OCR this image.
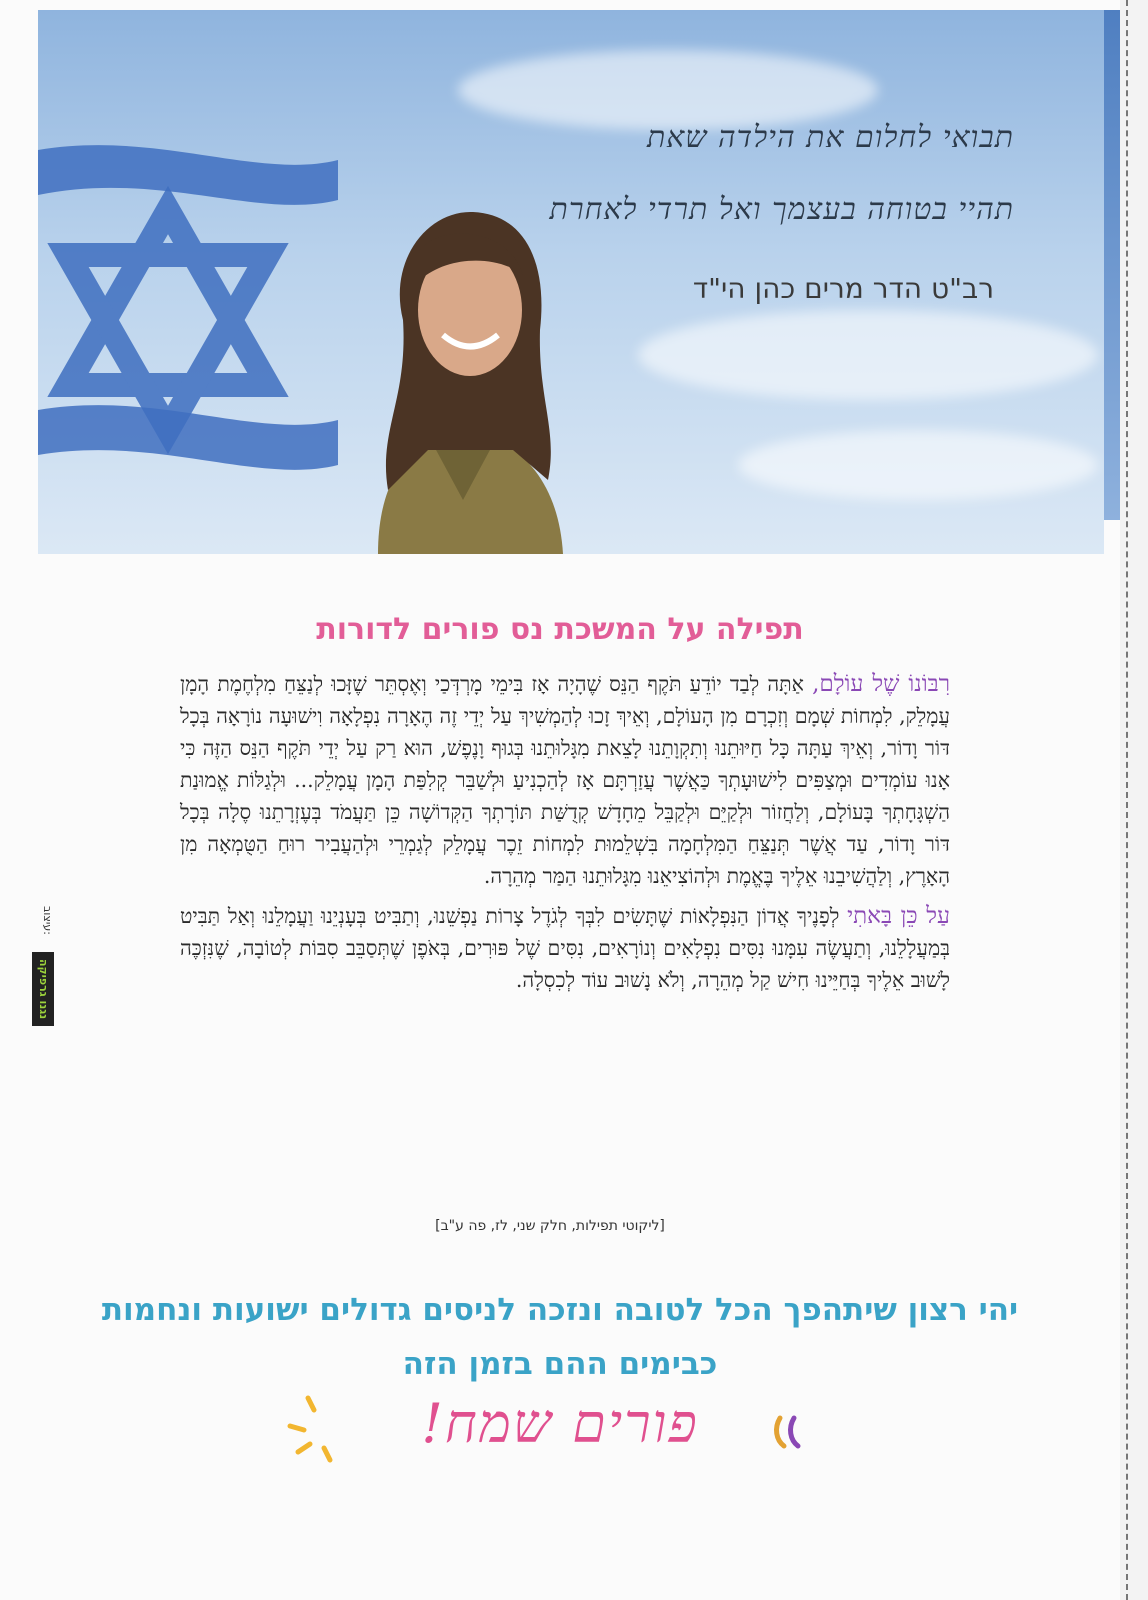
תבואי לחלום את הילדה שאת
תהיי בטוחה בעצמך ואל תרדי לאחרת
רב"ט הדר מרים כהן הי"ד
תפילה על המשכת נס פורים לדורות

רִבּוֹנוֹ שֶׁל עוֹלָם, אַתָּה לְבַד יוֹדֵעַ תֹּקֶף הַנֵּס שֶׁהָיָה אָז בִּימֵי מָרְדְּכַי וְאֶסְתֵּר שֶׁזָּכוּ לְנַצֵּחַ מִלְחֶמֶת הָמָן עֲמָלֵק, לִמְחוֹת שְׁמָם וְזִכְרָם מִן הָעוֹלָם, וְאֵיךְ זָכוּ לְהַמְשִׁיךְ עַל יְדֵי זֶה הֶאָרָה נִפְלָאָה וִישׁוּעָה נוֹרָאָה בְּכָל דּוֹר וָדוֹר, וְאֵיךְ עַתָּה כָּל חַיּוּתֵנוּ וְתִקְוָתֵנוּ לָצֵאת מִגָּלוּתֵנוּ בְּגוּף וָנֶפֶשׁ, הוּא רַק עַל יְדֵי תֹּקֶף הַנֵּס הַזֶּה כִּי אָנוּ עוֹמְדִים וּמְצַפִּים לִישׁוּעָתְךָ כַּאֲשֶׁר עֲזַרְתָּם אָז לְהַכְנִיעַ וּלְשַׁבֵּר קְלִפַּת הָמָן עֲמָלֵק... וּלְגַלּוֹת אֱמוּנַת הַשְׁגָּחָתְךָ בָּעוֹלָם, וְלַחֲזוֹר וּלְקַיֵּם וּלְקַבֵּל מֵחָדָשׁ קְדֻשַּׁת תּוֹרָתְךָ הַקְּדוֹשָׁה כֵּן תַּעֲמֹד בְּעֶזְרָתֵנוּ סֶלָה בְּכָל דּוֹר וָדוֹר, עַד אֲשֶׁר תְּנַצֵּחַ הַמִּלְחָמָה בִּשְׁלֵמוּת לִמְחוֹת זֵכֶר עֲמָלֵק לְגַמְרֵי וּלְהַעֲבִיר רוּחַ הַטֻּמְאָה מִן הָאָרֶץ, וְלַהֲשִׁיבֵנוּ אֵלֶיךָ בֶּאֱמֶת וּלְהוֹצִיאֵנוּ מִגָּלוּתֵנוּ הַמַּר מְהֵרָה.

עַל כֵּן בָּאתִי לְפָנֶיךָ אֲדוֹן הַנִּפְלָאוֹת שֶׁתָּשִׂים לִבְּךָ לְגֹדֶל צָרוֹת נַפְשֵׁנוּ, וְתַבִּיט בְּעָנְיֵנוּ וַעֲמָלֵנוּ וְאַל תַּבִּיט בְּמַעֲלָלֵנוּ, וְתַעֲשֶׂה עִמָּנוּ נִסִּים נִפְלָאִים וְנוֹרָאִים, נִסִּים שֶׁל פּוּרִים, בְּאֹפֶן שֶׁתְּסַבֵּב סִבּוֹת לְטוֹבָה, שֶׁנִּזְכֶּה לָשׁוּב אֵלֶיךָ בְּחַיֵּינוּ חִישׁ קַל מְהֵרָה, וְלֹא נָשׁוּב עוֹד לְכִסְלָה.

[ליקוטי תפילות, חלק שני, לז, פה ע"ב]
יהי רצון שיתהפך הכל לטובה ונזכה לניסים גדולים ישועות ונחמות
כבימים ההם בזמן הזה
פורים שמח!
עיצוב:
נגנו גרפיקה
